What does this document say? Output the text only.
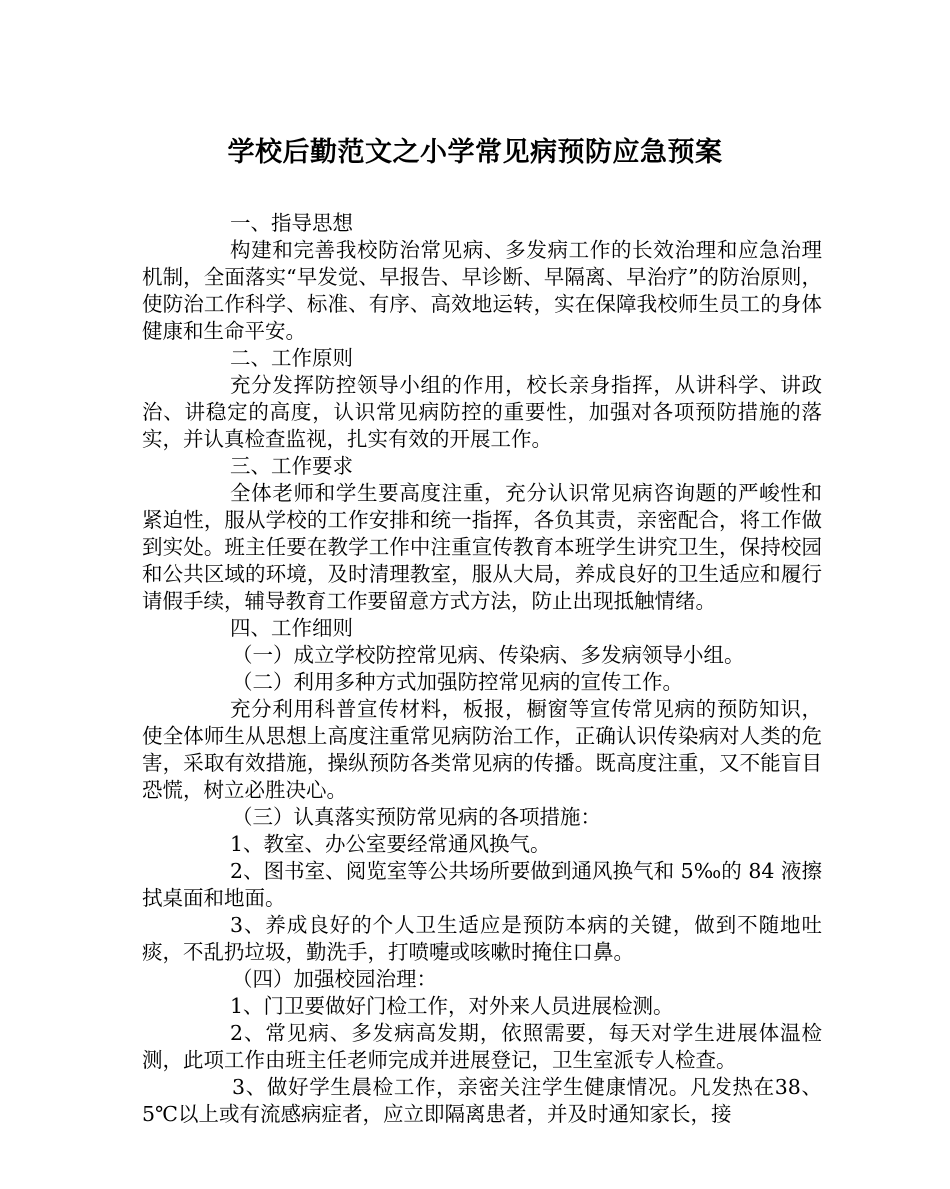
学校后勤范文之小学常见病预防应急预案

一、指导思想

构建和完善我校防治常见病、多发病工作的长效治理和应急治理机制，全面落实“早发觉、早报告、早诊断、早隔离、早治疗”的防治原则，使防治工作科学、标准、有序、高效地运转，实在保障我校师生员工的身体健康和生命平安。

二、工作原则

充分发挥防控领导小组的作用，校长亲身指挥，从讲科学、讲政治、讲稳定的高度，认识常见病防控的重要性，加强对各项预防措施的落实，并认真检查监视，扎实有效的开展工作。

三、工作要求

全体老师和学生要高度注重，充分认识常见病咨询题的严峻性和紧迫性，服从学校的工作安排和统一指挥，各负其责，亲密配合，将工作做到实处。班主任要在教学工作中注重宣传教育本班学生讲究卫生，保持校园和公共区域的环境，及时清理教室，服从大局，养成良好的卫生适应和履行请假手续，辅导教育工作要留意方式方法，防止出现抵触情绪。

四、工作细则

（一）成立学校防控常见病、传染病、多发病领导小组。

（二）利用多种方式加强防控常见病的宣传工作。

充分利用科普宣传材料，板报，橱窗等宣传常见病的预防知识，使全体师生从思想上高度注重常见病防治工作，正确认识传染病对人类的危害，采取有效措施，操纵预防各类常见病的传播。既高度注重，又不能盲目恐慌，树立必胜决心。

（三）认真落实预防常见病的各项措施：

1、教室、办公室要经常通风换气。

2、图书室、阅览室等公共场所要做到通风换气和 5‰的 84 液擦拭桌面和地面。

3、养成良好的个人卫生适应是预防本病的关键，做到不随地吐痰，不乱扔垃圾，勤洗手，打喷嚏或咳嗽时掩住口鼻。

（四）加强校园治理：

1、门卫要做好门检工作，对外来人员进展检测。

2、常见病、多发病高发期，依照需要，每天对学生进展体温检测，此项工作由班主任老师完成并进展登记，卫生室派专人检查。

3、做好学生晨检工作，亲密关注学生健康情况。凡发热在38、5℃以上或有流感病症者，应立即隔离患者，并及时通知家长，接
